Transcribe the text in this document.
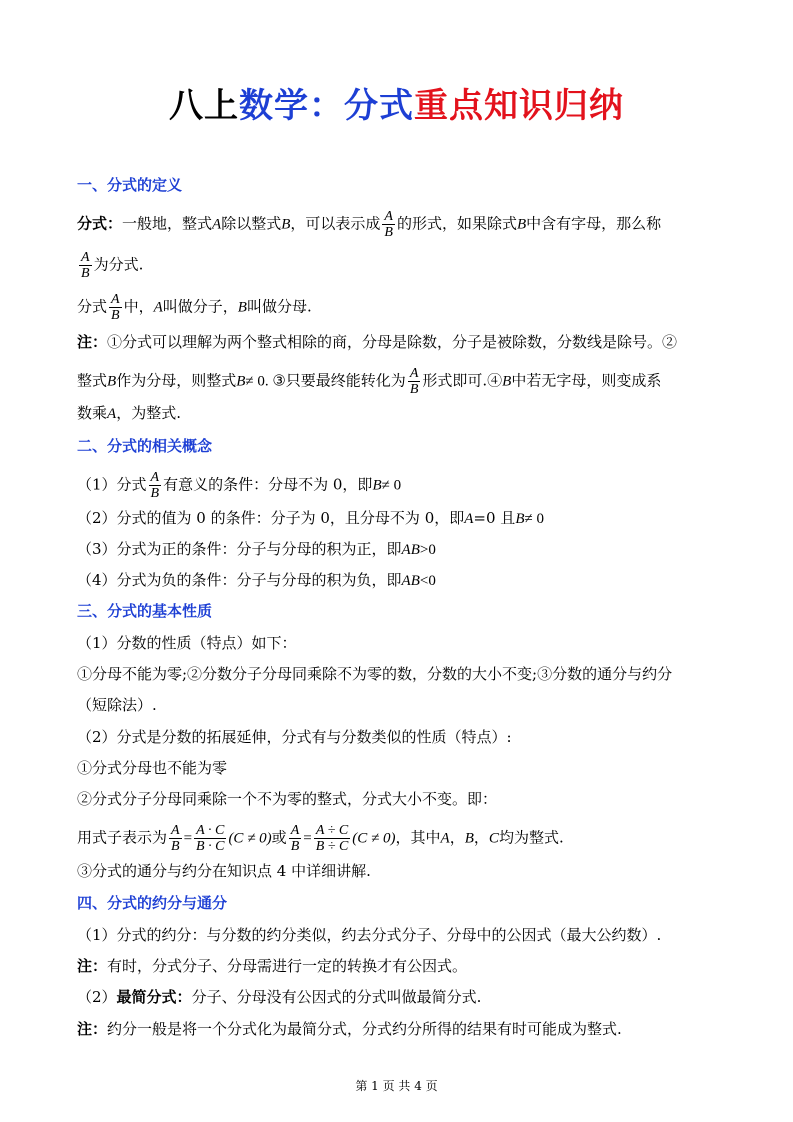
八上数学：分式重点知识归纳
一、分式的定义
分式：一般地，整式A除以整式B，可以表示成 $\frac{A}{B}$ 的形式，如果除式B中含有字母，那么称
$\frac{A}{B}$ 为分式.
分式 $\frac{A}{B}$ 中，A叫做分子，B叫做分母.
注：①分式可以理解为两个整式相除的商，分母是除数，分子是被除数，分数线是除号。②
整式B作为分母，则整式B≠ 0. ③只要最终能转化为 $\frac{A}{B}$ 形式即可.④B中若无字母，则变成系
数乘A，为整式.
二、分式的相关概念
（1）分式 $\frac{A}{B}$ 有意义的条件：分母不为 0，即B≠ 0
（2）分式的值为 0 的条件：分子为 0，且分母不为 0，即A=0 且B≠ 0
（3）分式为正的条件：分子与分母的积为正，即AB>0
（4）分式为负的条件：分子与分母的积为负，即AB<0
三、分式的基本性质
（1）分数的性质（特点）如下：
①分母不能为零;②分数分子分母同乘除不为零的数，分数的大小不变;③分数的通分与约分
（短除法）.
（2）分式是分数的拓展延伸，分式有与分数类似的性质（特点）:
①分式分母也不能为零
②分式分子分母同乘除一个不为零的整式，分式大小不变。即：
用式子表示为 $\frac{A}{B} = \frac{A \cdot C}{B \cdot C} (C \ne 0)$或 $\frac{A}{B} = \frac{A \div C}{B \div C} (C \ne 0)$，其中A，B，C均为整式.
③分式的通分与约分在知识点 4 中详细讲解.
四、分式的约分与通分
（1）分式的约分：与分数的约分类似，约去分式分子、分母中的公因式（最大公约数）.
注：有时，分式分子、分母需进行一定的转换才有公因式。
（2）最简分式：分子、分母没有公因式的分式叫做最简分式.
注：约分一般是将一个分式化为最简分式，分式约分所得的结果有时可能成为整式.
第 1 页 共 4 页
